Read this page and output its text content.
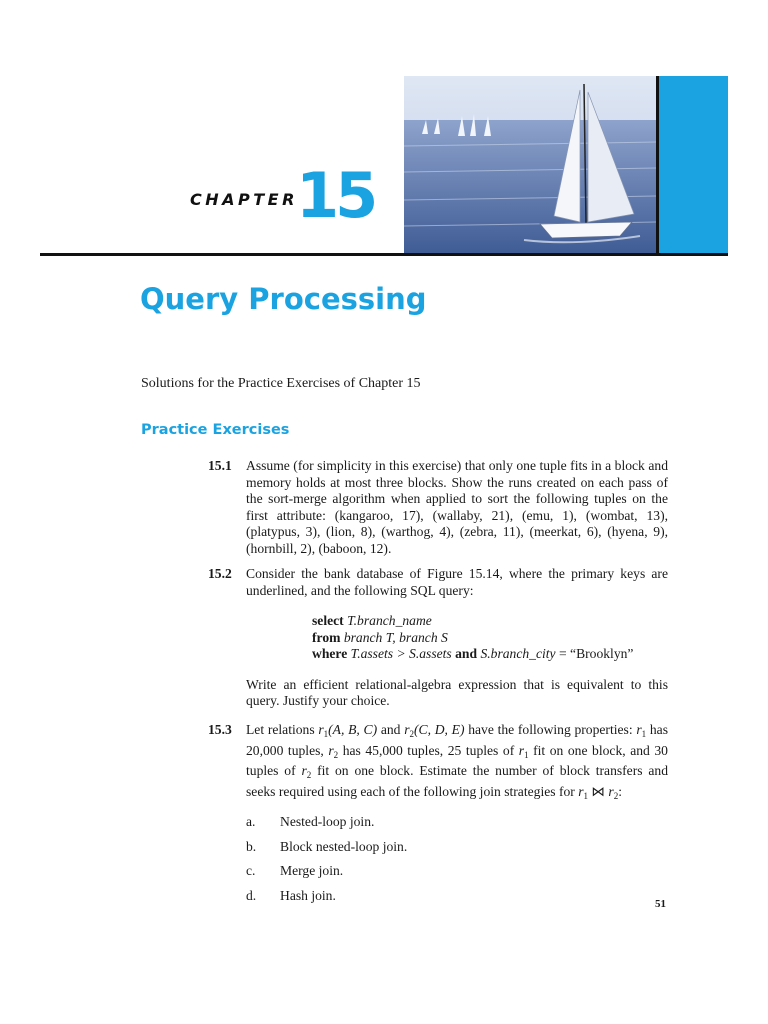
CHAPTER
15
Query Processing

Solutions for the Practice Exercises of Chapter 15

Practice Exercises
15.1 Assume (for simplicity in this exercise) that only one tuple fits in a block and memory holds at most three blocks. Show the runs created on each pass of the sort-merge algorithm when applied to sort the following tuples on the first attribute: (kangaroo, 17), (wallaby, 21), (emu, 1), (wombat, 13), (platypus, 3), (lion, 8), (warthog, 4), (zebra, 11), (meerkat, 6), (hyena, 9), (hornbill, 2), (baboon, 12).

15.2 Consider the bank database of Figure 15.14, where the primary keys are underlined, and the following SQL query:

select T.branch_name
from branch T, branch S
where T.assets > S.assets and S.branch_city = “Brooklyn”

Write an efficient relational-algebra expression that is equivalent to this query. Justify your choice.

15.3 Let relations $r_1(A$, B, C) and $r_2(C$, D, E) have the following properties: $r_1$ has 20,000 tuples, $r_2$ has 45,000 tuples, 25 tuples of $r_1$ fit on one block, and 30 tuples of $r_2$ fit on one block. Estimate the number of block transfers and seeks required using each of the following join strategies for $r_1$ ⋈ $r_2$:

a.	Nested-loop join.
b.	Block nested-loop join.
c.	Merge join.
d.	Hash join.
51
